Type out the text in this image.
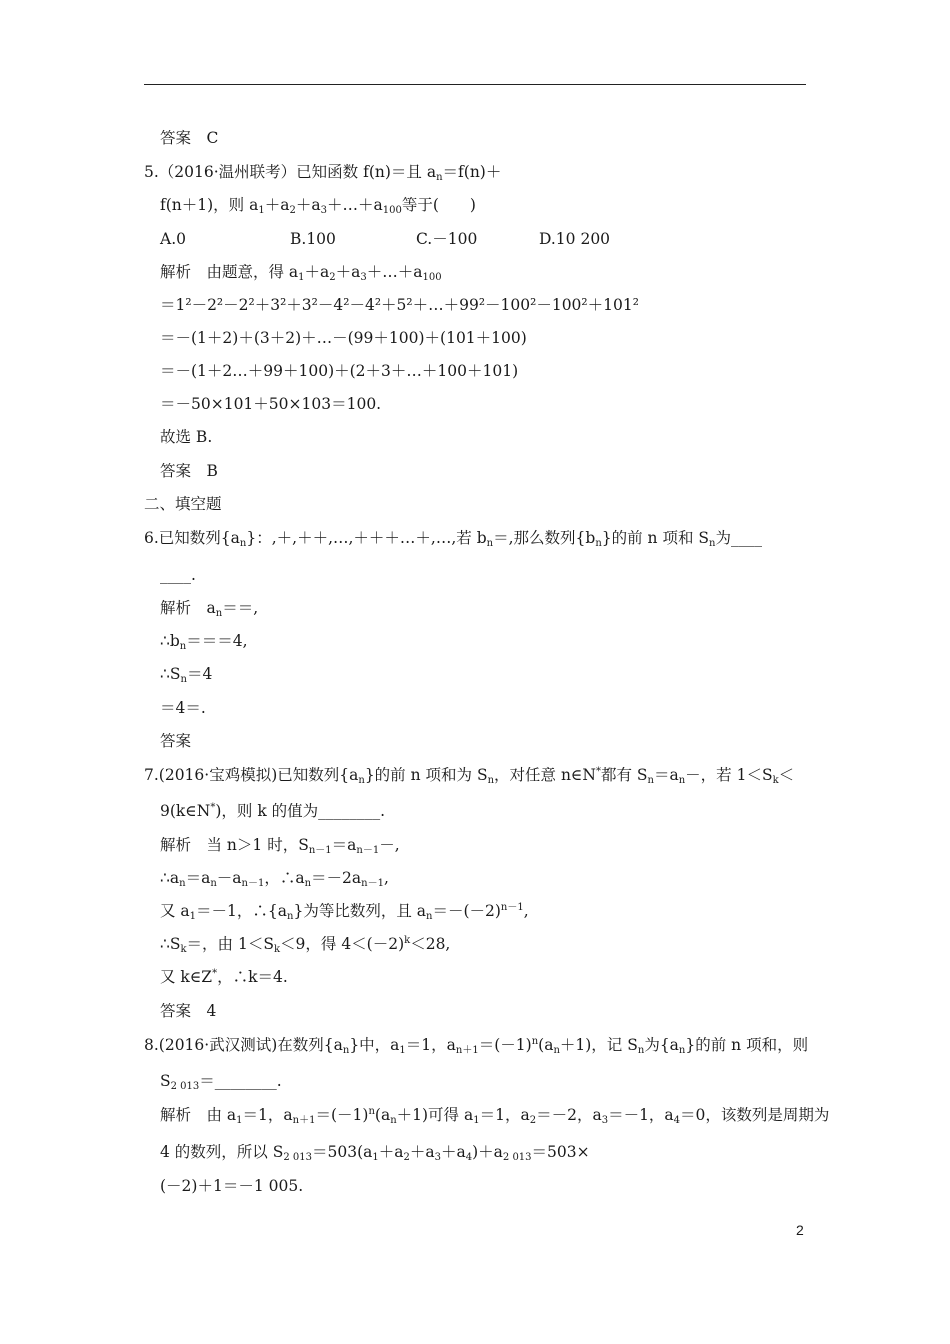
答案　C
5.（2016·温州联考）已知函数 f(n)＝且 $a_n=f(n)+$
f(n＋1)，则 $a_1+a_2+a_3+\dots+a_{100}$等于(　　)
A.0	B.100	C.－100	D.10 200
解析　由题意，得 $a_1+a_2+a_3+\dots+a_{100}$
＝1²－2²－2²＋3²＋3²－4²－4²＋5²＋…＋99²－100²－100²＋101²
＝－(1＋2)＋(3＋2)＋…－(99＋100)＋(101＋100)
＝－(1＋2…＋99＋100)＋(2＋3＋…＋100＋101)
＝－50×101＋50×103＝100.
故选 B.
答案　B
二、填空题
6.已知数列$\{a_n\}$：,＋,＋＋,…,＋＋＋…＋,…,若 $b_n=$,那么数列$\{b_n\}$的前 n 项和 $S_n$为____
____.
解析　$a_n==$,
$\therefore b_n===4$,
$\therefore S_n=4$
＝4＝.
答案
7.(2016·宝鸡模拟)已知数列$\{a_n\}$的前 n 项和为 $S_n$，对任意 n∈N*都有 $S_n=a_n-$，若 $1<S_k<$
9(k∈N*)，则 k 的值为________.
解析　当 n＞1 时，$S_{n-1}=a_{n-1}-$,
$\therefore a_n=a_n-a_{n-1}$，$\therefore a_n=-2a_{n-1}$,
又 $a_1=-1$，$\therefore\{a_n\}$为等比数列，且 $a_n=-(-2)^{n-1}$,
$\therefore S_k=$，由 $1<S_k<9$，得 $4<(-2)^k<28$,
又 k∈Z*，∴k＝4.
答案　4
8.(2016·武汉测试)在数列$\{a_n\}$中，$a_1=1$，$a_{n+1}=(-1)^n(a_n+1)$，记 $S_n$为$\{a_n\}$的前 n 项和，则
$S_{2 013}=\_\_\_\_\_\_\_\_$.
解析　由 $a_1=1$，$a_{n+1}=(-1)^n(a_n+1)$可得 $a_1=1$，$a_2=-2$，$a_3=-1$，$a_4=0$，该数列是周期为
4 的数列，所以 $S_{2 013}=503(a_1+a_2+a_3+a_4)+a_{2 013}=503\times$
(－2)＋1＝－1 005.
2
